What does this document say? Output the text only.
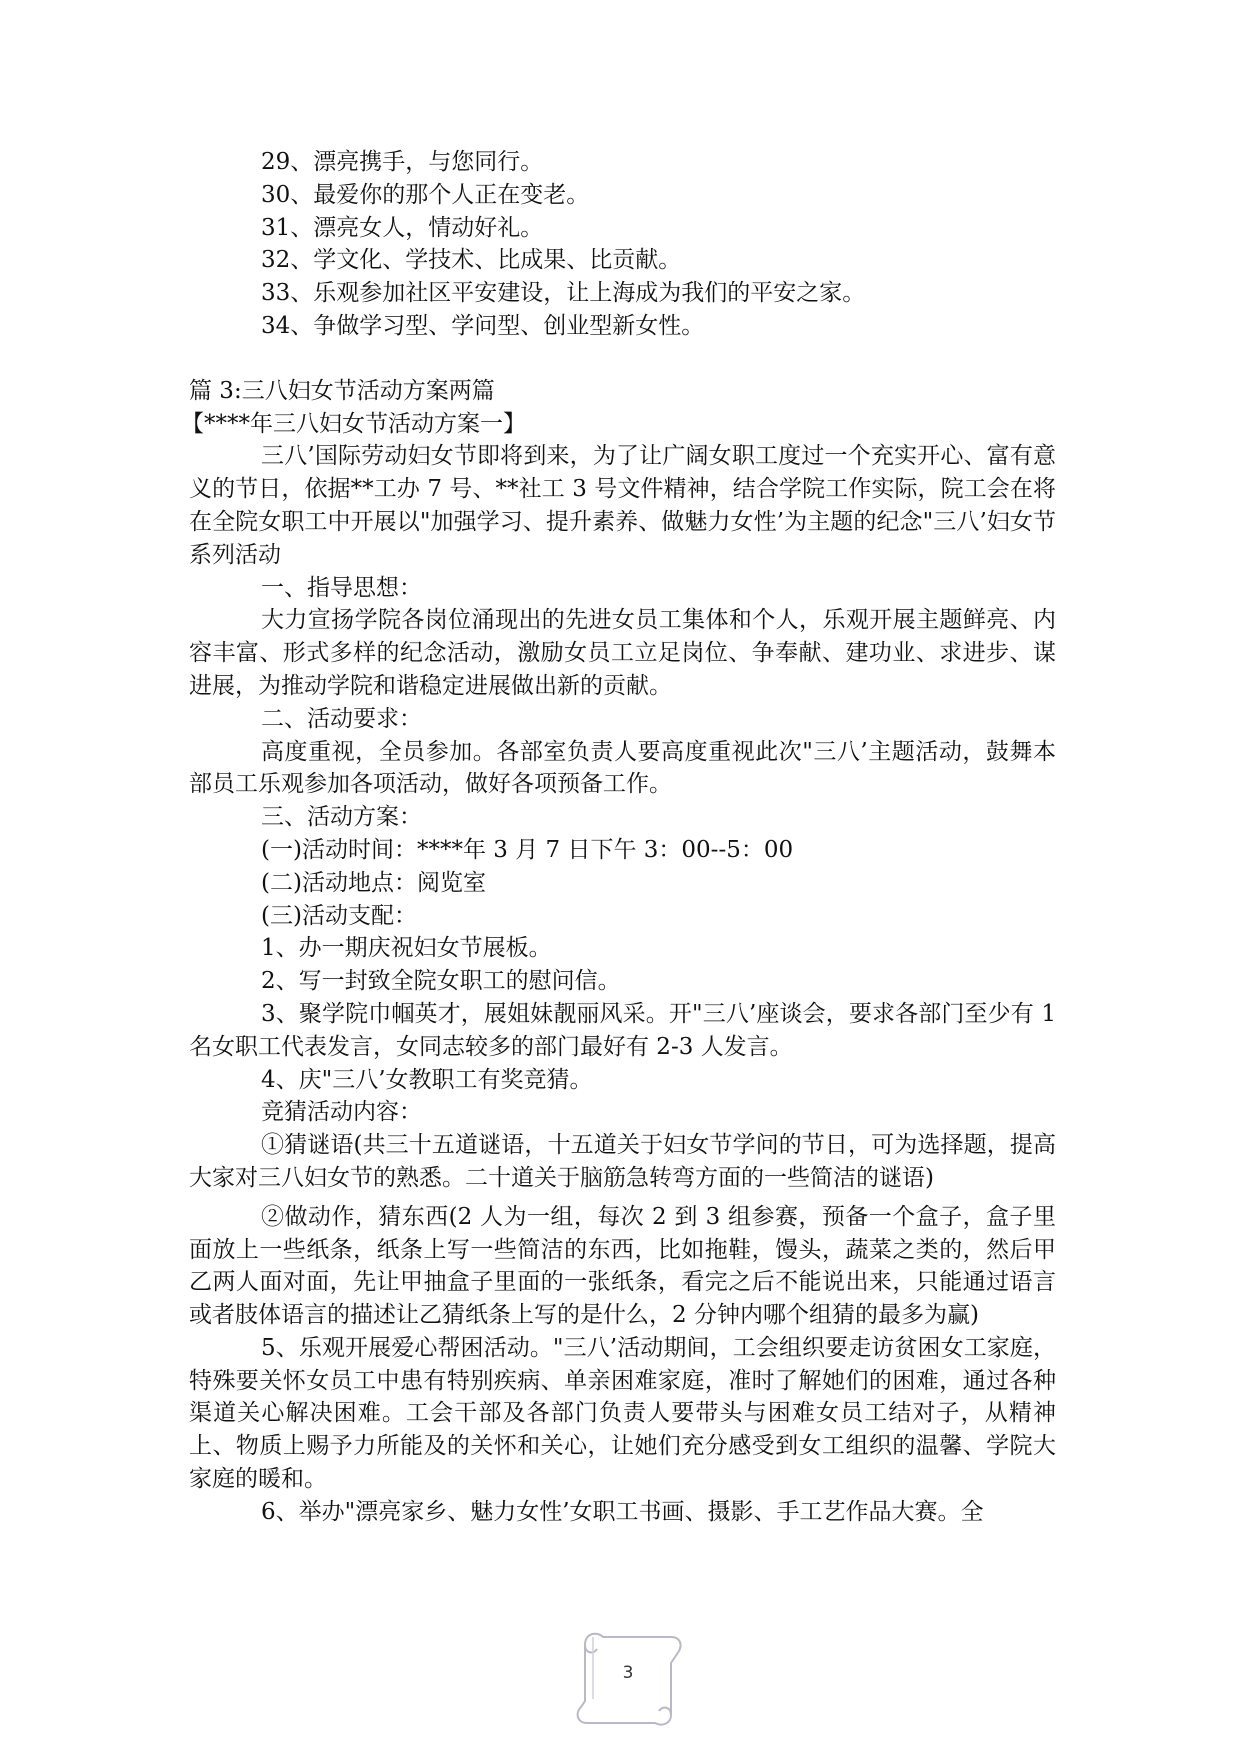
29、漂亮携手，与您同行。
30、最爱你的那个人正在变老。
31、漂亮女人，情动好礼。
32、学文化、学技术、比成果、比贡献。
33、乐观参加社区平安建设，让上海成为我们的平安之家。
34、争做学习型、学问型、创业型新女性。
篇 3:三八妇女节活动方案两篇
【****年三八妇女节活动方案一】
三八’国际劳动妇女节即将到来，为了让广阔女职工度过一个充实开心、富有意义的节日，依据**工办 7 号、**社工 3 号文件精神，结合学院工作实际，院工会在将在全院女职工中开展以"加强学习、提升素养、做魅力女性’为主题的纪念"三八’妇女节系列活动
一、指导思想：
大力宣扬学院各岗位涌现出的先进女员工集体和个人，乐观开展主题鲜亮、内容丰富、形式多样的纪念活动，激励女员工立足岗位、争奉献、建功业、求进步、谋进展，为推动学院和谐稳定进展做出新的贡献。
二、活动要求：
高度重视，全员参加。各部室负责人要高度重视此次"三八’主题活动，鼓舞本部员工乐观参加各项活动，做好各项预备工作。
三、活动方案：
(一)活动时间：****年 3 月 7 日下午 3：00--5：00
(二)活动地点：阅览室
(三)活动支配：
1、办一期庆祝妇女节展板。
2、写一封致全院女职工的慰问信。
3、聚学院巾帼英才，展姐妹靓丽风采。开"三八’座谈会，要求各部门至少有 1 名女职工代表发言，女同志较多的部门最好有 2-3 人发言。
4、庆"三八’女教职工有奖竞猜。
竞猜活动内容：
①猜谜语(共三十五道谜语，十五道关于妇女节学问的节日，可为选择题，提高大家对三八妇女节的熟悉。二十道关于脑筋急转弯方面的一些简洁的谜语)
②做动作，猜东西(2 人为一组，每次 2 到 3 组参赛，预备一个盒子，盒子里面放上一些纸条，纸条上写一些简洁的东西，比如拖鞋，馒头，蔬菜之类的，然后甲乙两人面对面，先让甲抽盒子里面的一张纸条，看完之后不能说出来，只能通过语言或者肢体语言的描述让乙猜纸条上写的是什么，2 分钟内哪个组猜的最多为赢)
5、乐观开展爱心帮困活动。"三八’活动期间，工会组织要走访贫困女工家庭，特殊要关怀女员工中患有特别疾病、单亲困难家庭，准时了解她们的困难，通过各种渠道关心解决困难。工会干部及各部门负责人要带头与困难女员工结对子，从精神上、物质上赐予力所能及的关怀和关心，让她们充分感受到女工组织的温馨、学院大家庭的暖和。
6、举办"漂亮家乡、魅力女性’女职工书画、摄影、手工艺作品大赛。全
3
